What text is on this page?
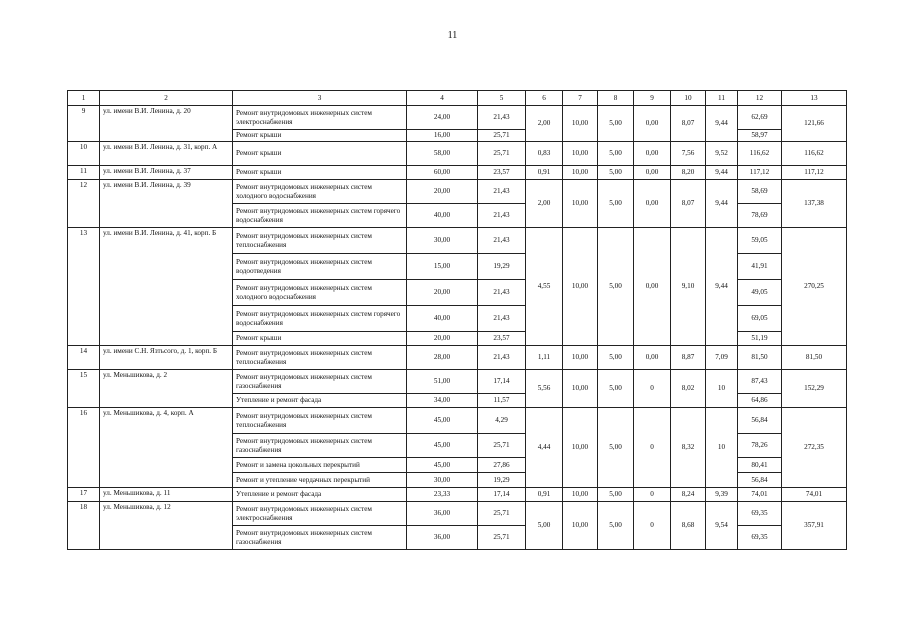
11
1	2	3	4	5	6	7	8	9	10	11	12	13
9	ул. имени В.И. Ленина, д. 20	Ремонт внутридомовых инженерных систем электроснабжения	24,00	21,43	2,00	10,00	5,00	0,00	8,07	9,44	62,69	121,66
		Ремонт крыши	16,00	25,71							58,97	
10	ул. имени В.И. Ленина, д. 31, корп. А	Ремонт крыши	58,00	25,71	0,83	10,00	5,00	0,00	7,56	9,52	116,62	116,62
11	ул. имени В.И. Ленина, д. 37	Ремонт крыши	60,00	23,57	0,91	10,00	5,00	0,00	8,20	9,44	117,12	117,12
12	ул. имени В.И. Ленина, д. 39	Ремонт внутридомовых инженерных систем холодного водоснабжения	20,00	21,43	2,00	10,00	5,00	0,00	8,07	9,44	58,69	137,38
		Ремонт внутридомовых инженерных систем горячего водоснабжения	40,00	21,43							78,69	
13	ул. имени В.И. Ленина, д. 41, корп. Б	Ремонт внутридомовых инженерных систем теплоснабжения	30,00	21,43	4,55	10,00	5,00	0,00	9,10	9,44	59,05	270,25
		Ремонт внутридомовых инженерных систем водоотведения	15,00	19,29							41,91	
		Ремонт внутридомовых инженерных систем холодного водоснабжения	20,00	21,43							49,05	
		Ремонт внутридомовых инженерных систем горячего водоснабжения	40,00	21,43							69,05	
		Ремонт крыши	20,00	23,57							51,19	
14	ул. имени С.Н. Язтьсого, д. 1, корп. Б	Ремонт внутридомовых инженерных систем теплоснабжения	28,00	21,43	1,11	10,00	5,00	0,00	8,87	7,09	81,50	81,50
15	ул. Меньшикова, д. 2	Ремонт внутридомовых инженерных систем газоснабжения	51,00	17,14	5,56	10,00	5,00	0	8,02	10	87,43	152,29
		Утепление и ремонт фасада	34,00	11,57							64,86	
16	ул. Меньшикова, д. 4, корп. А	Ремонт внутридомовых инженерных систем теплоснабжения	45,00	4,29	4,44	10,00	5,00	0	8,32	10	56,84	272,35
		Ремонт внутридомовых инженерных систем газоснабжения	45,00	25,71							78,26	
		Ремонт и замена цокольных перекрытий	45,00	27,86							80,41	
		Ремонт и утепление чердачных перекрытий	30,00	19,29							56,84	
17	ул. Меньшикова, д. 11	Утепление и ремонт фасада	23,33	17,14	0,91	10,00	5,00	0	8,24	9,39	74,01	74,01
18	ул. Меньшикова, д. 12	Ремонт внутридомовых инженерных систем электроснабжения	36,00	25,71	5,00	10,00	5,00	0	8,68	9,54	69,35	357,91
		Ремонт внутридомовых инженерных систем газоснабжения	36,00	25,71							69,35	
